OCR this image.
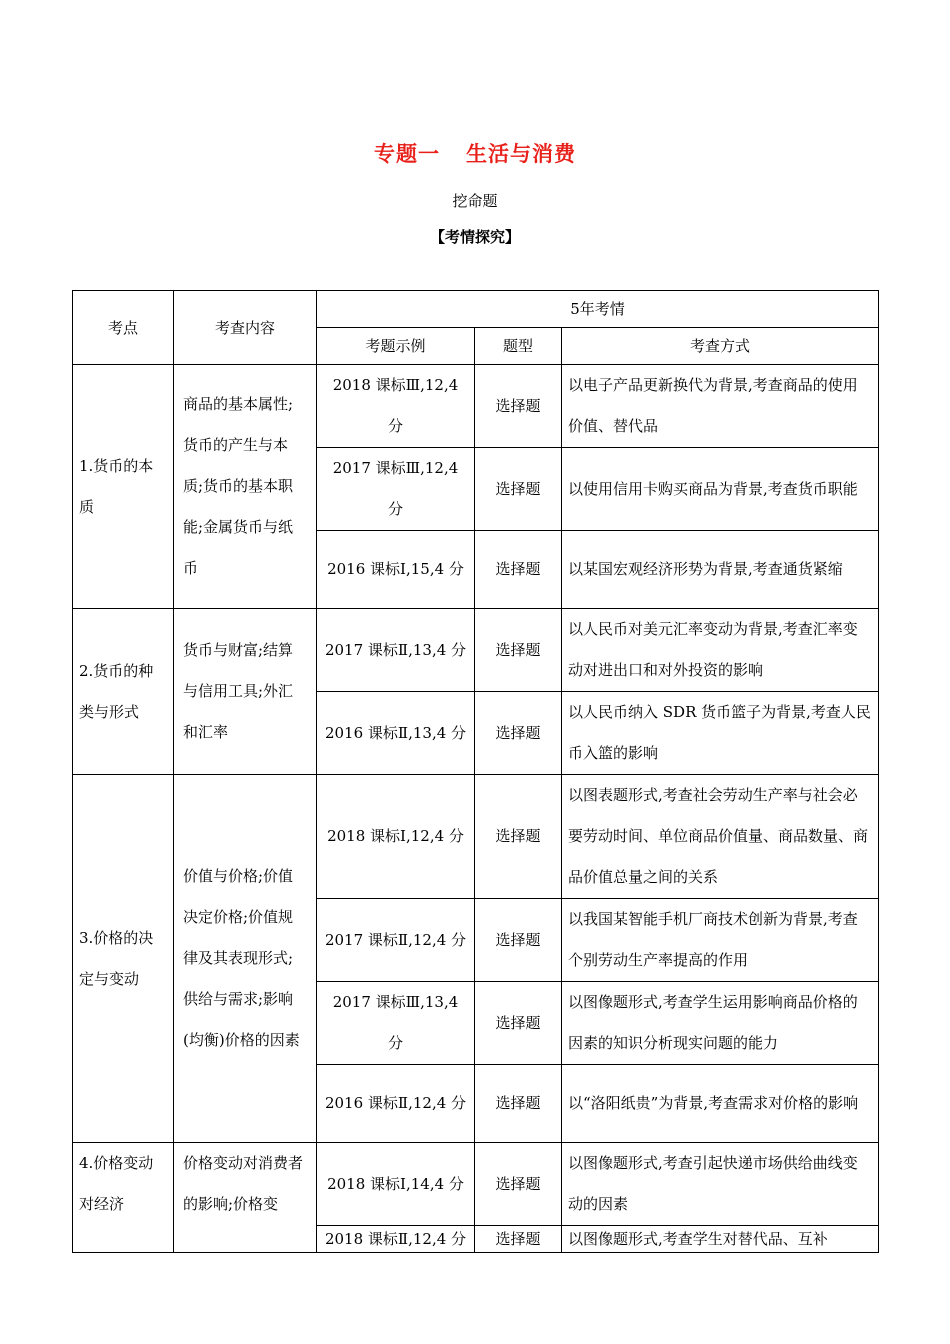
专题一 生活与消费
挖命题
【考情探究】
考点	考查内容	5年考情		
		考题示例	题型	考查方式
1.货币的本质	商品的基本属性;货币的产生与本质;货币的基本职能;金属货币与纸币	2018 课标Ⅲ,12,4 分	选择题	以电子产品更新换代为背景,考查商品的使用价值、替代品
		2017 课标Ⅲ,12,4 分	选择题	以使用信用卡购买商品为背景,考查货币职能
		2016 课标Ⅰ,15,4 分	选择题	以某国宏观经济形势为背景,考查通货紧缩
2.货币的种类与形式	货币与财富;结算与信用工具;外汇和汇率	2017 课标Ⅱ,13,4 分	选择题	以人民币对美元汇率变动为背景,考查汇率变动对进出口和对外投资的影响
		2016 课标Ⅱ,13,4 分	选择题	以人民币纳入 SDR 货币篮子为背景,考查人民币入篮的影响
3.价格的决定与变动	价值与价格;价值决定价格;价值规律及其表现形式;供给与需求;影响(均衡)价格的因素	2018 课标Ⅰ,12,4 分	选择题	以图表题形式,考查社会劳动生产率与社会必要劳动时间、单位商品价值量、商品数量、商品价值总量之间的关系
		2017 课标Ⅱ,12,4 分	选择题	以我国某智能手机厂商技术创新为背景,考查个别劳动生产率提高的作用
		2017 课标Ⅲ,13,4 分	选择题	以图像题形式,考查学生运用影响商品价格的因素的知识分析现实问题的能力
		2016 课标Ⅱ,12,4 分	选择题	以“洛阳纸贵”为背景,考查需求对价格的影响
4.价格变动对经济	价格变动对消费者的影响;价格变	2018 课标Ⅰ,14,4 分	选择题	以图像题形式,考查引起快递市场供给曲线变动的因素
		2018 课标Ⅱ,12,4 分	选择题	以图像题形式,考查学生对替代品、互补
